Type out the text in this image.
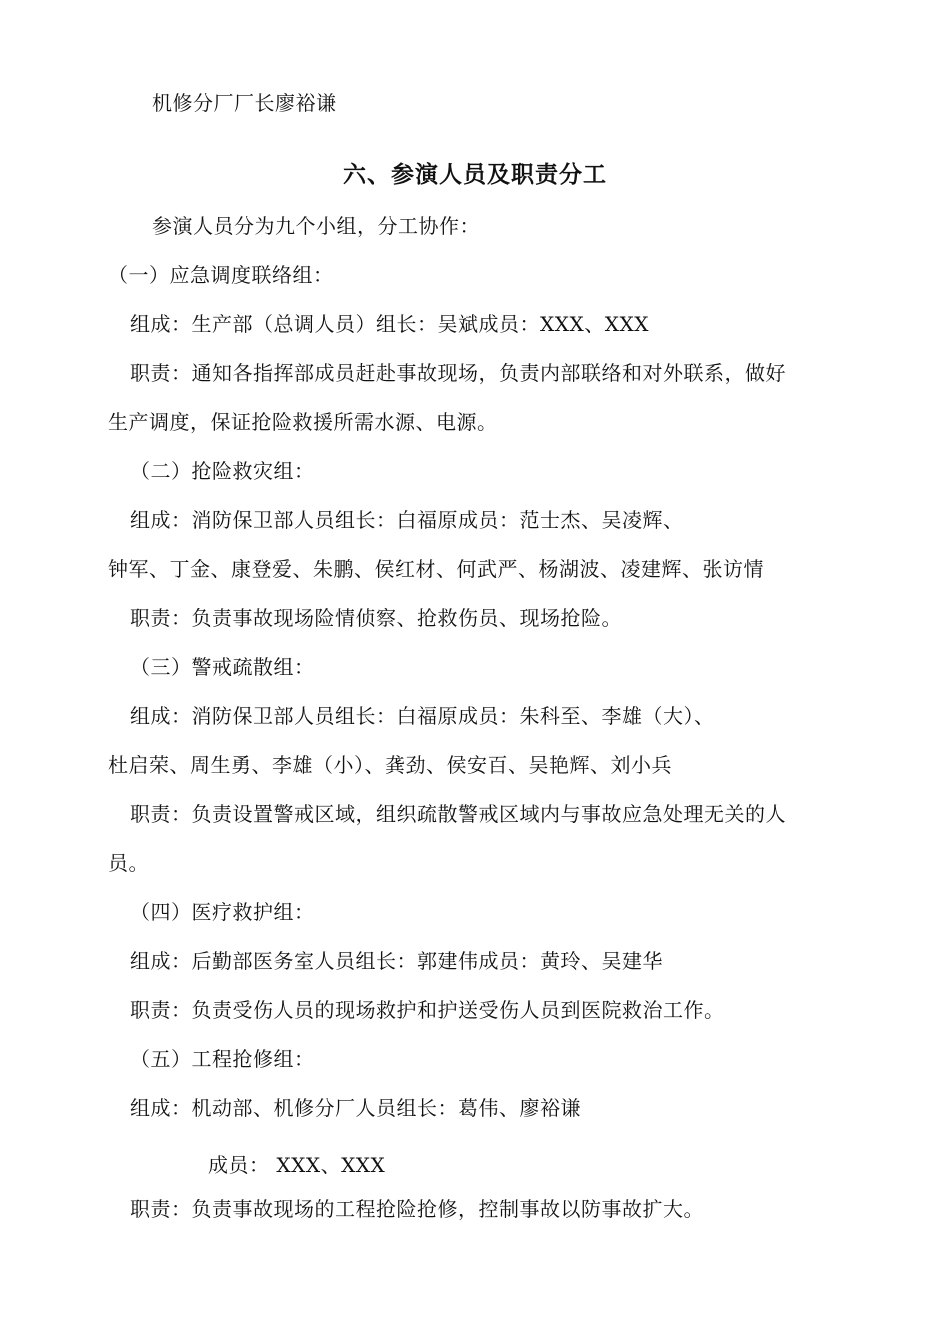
机修分厂厂长廖裕谦
六、参演人员及职责分工
参演人员分为九个小组，分工协作：
（一）应急调度联络组：
组成：生产部（总调人员）组长：吴斌成员：XXX、XXX
职责：通知各指挥部成员赶赴事故现场，负责内部联络和对外联系，做好
生产调度，保证抢险救援所需水源、电源。
（二）抢险救灾组：
组成：消防保卫部人员组长：白福原成员：范士杰、吴凌辉、
钟军、丁金、康登爱、朱鹏、侯红材、何武严、杨湖波、凌建辉、张访情
职责：负责事故现场险情侦察、抢救伤员、现场抢险。
（三）警戒疏散组：
组成：消防保卫部人员组长：白福原成员：朱科至、李雄（大）、
杜启荣、周生勇、李雄（小）、龚劲、侯安百、吴艳辉、刘小兵
职责：负责设置警戒区域，组织疏散警戒区域内与事故应急处理无关的人
员。
（四）医疗救护组：
组成：后勤部医务室人员组长：郭建伟成员：黄玲、吴建华
职责：负责受伤人员的现场救护和护送受伤人员到医院救治工作。
（五）工程抢修组：
组成：机动部、机修分厂人员组长：葛伟、廖裕谦
成员： XXX、XXX
职责：负责事故现场的工程抢险抢修，控制事故以防事故扩大。
